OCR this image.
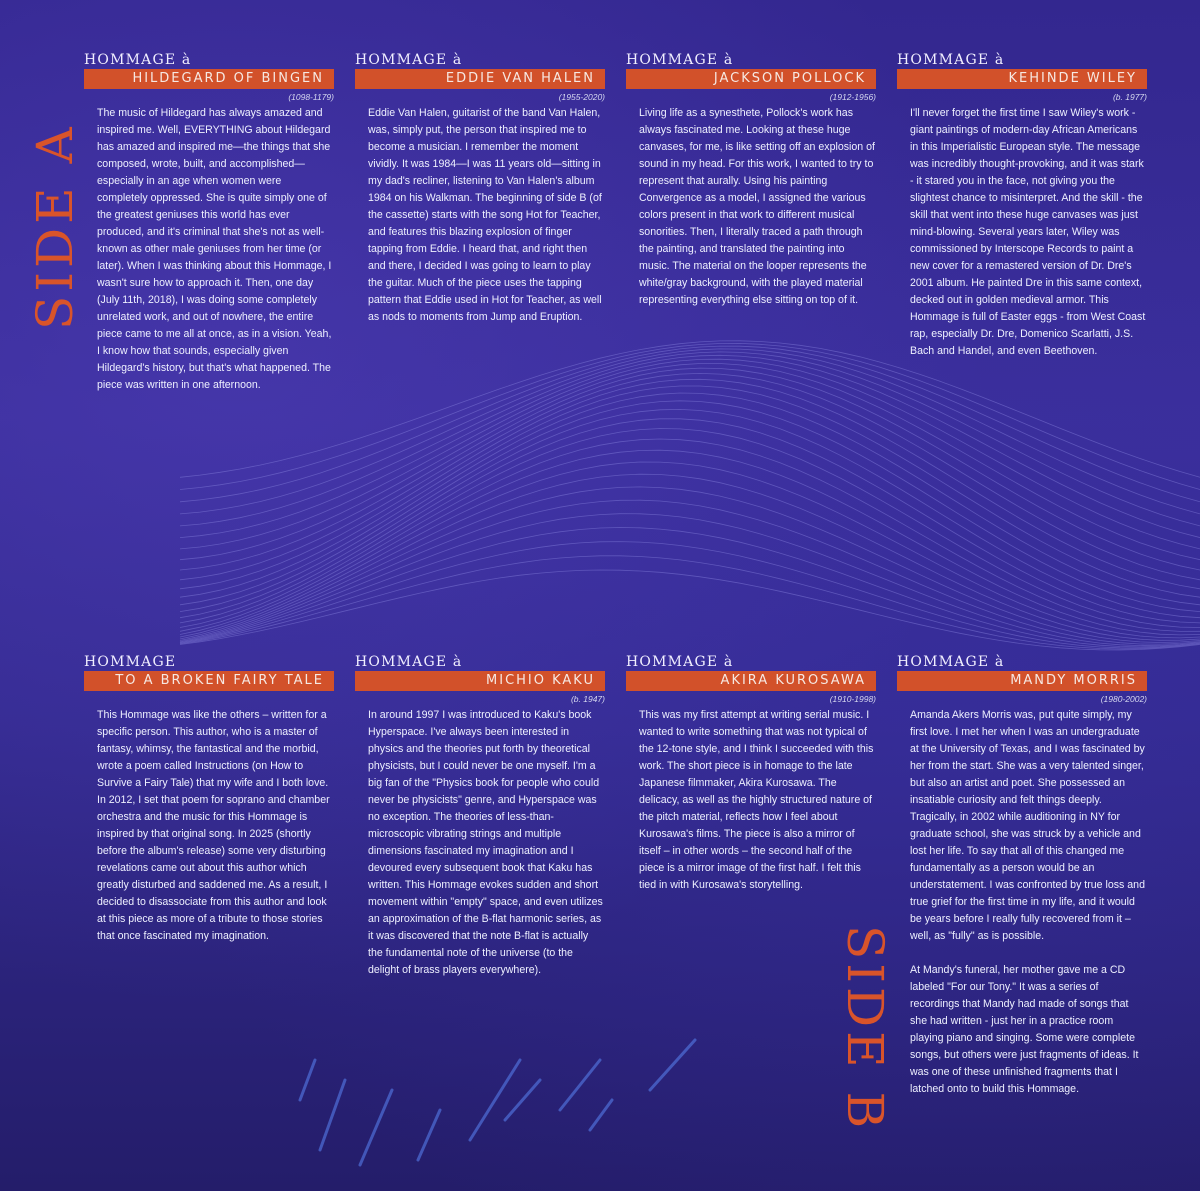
SIDE A
SIDE B
HOMMAGE à
HILDEGARD OF BINGEN
(1098-1179)

The music of Hildegard has always amazed and inspired me. Well, EVERYTHING about Hildegard has amazed and inspired me—the things that she composed, wrote, built, and accomplished—especially in an age when women were completely oppressed. She is quite simply one of the greatest geniuses this world has ever produced, and it's criminal that she's not as well-known as other male geniuses from her time (or later). When I was thinking about this Hommage, I wasn't sure how to approach it. Then, one day (July 11th, 2018), I was doing some completely unrelated work, and out of nowhere, the entire piece came to me all at once, as in a vision. Yeah, I know how that sounds, especially given Hildegard's history, but that's what happened. The piece was written in one afternoon.

HOMMAGE à
EDDIE VAN HALEN
(1955-2020)

Eddie Van Halen, guitarist of the band Van Halen, was, simply put, the person that inspired me to become a musician. I remember the moment vividly. It was 1984—I was 11 years old—sitting in my dad's recliner, listening to Van Halen's album 1984 on his Walkman. The beginning of side B (of the cassette) starts with the song Hot for Teacher, and features this blazing explosion of finger tapping from Eddie. I heard that, and right then and there, I decided I was going to learn to play the guitar. Much of the piece uses the tapping pattern that Eddie used in Hot for Teacher, as well as nods to moments from Jump and Eruption.

HOMMAGE à
JACKSON POLLOCK
(1912-1956)

Living life as a synesthete, Pollock's work has always fascinated me. Looking at these huge canvases, for me, is like setting off an explosion of sound in my head. For this work, I wanted to try to represent that aurally. Using his painting Convergence as a model, I assigned the various colors present in that work to different musical sonorities. Then, I literally traced a path through the painting, and translated the painting into music. The material on the looper represents the white/gray background, with the played material representing everything else sitting on top of it.

HOMMAGE à
KEHINDE WILEY
(b. 1977)

I'll never forget the first time I saw Wiley's work - giant paintings of modern-day African Americans in this Imperialistic European style. The message was incredibly thought-provoking, and it was stark - it stared you in the face, not giving you the slightest chance to misinterpret. And the skill - the skill that went into these huge canvases was just mind-blowing. Several years later, Wiley was commissioned by Interscope Records to paint a new cover for a remastered version of Dr. Dre's 2001 album. He painted Dre in this same context, decked out in golden medieval armor. This Hommage is full of Easter eggs - from West Coast rap, especially Dr. Dre, Domenico Scarlatti, J.S. Bach and Handel, and even Beethoven.

HOMMAGE
TO A BROKEN FAIRY TALE

This Hommage was like the others – written for a specific person. This author, who is a master of fantasy, whimsy, the fantastical and the morbid, wrote a poem called Instructions (on How to Survive a Fairy Tale) that my wife and I both love. In 2012, I set that poem for soprano and chamber orchestra and the music for this Hommage is inspired by that original song. In 2025 (shortly before the album's release) some very disturbing revelations came out about this author which greatly disturbed and saddened me. As a result, I decided to disassociate from this author and look at this piece as more of a tribute to those stories that once fascinated my imagination.

HOMMAGE à
MICHIO KAKU
(b. 1947)

In around 1997 I was introduced to Kaku's book Hyperspace. I've always been interested in physics and the theories put forth by theoretical physicists, but I could never be one myself. I'm a big fan of the "Physics book for people who could never be physicists" genre, and Hyperspace was no exception. The theories of less-than-microscopic vibrating strings and multiple dimensions fascinated my imagination and I devoured every subsequent book that Kaku has written. This Hommage evokes sudden and short movement within "empty" space, and even utilizes an approximation of the B-flat harmonic series, as it was discovered that the note B-flat is actually the fundamental note of the universe (to the delight of brass players everywhere).

HOMMAGE à
AKIRA KUROSAWA
(1910-1998)

This was my first attempt at writing serial music. I wanted to write something that was not typical of the 12-tone style, and I think I succeeded with this work. The short piece is in homage to the late Japanese filmmaker, Akira Kurosawa. The delicacy, as well as the highly structured nature of the pitch material, reflects how I feel about Kurosawa's films. The piece is also a mirror of itself – in other words – the second half of the piece is a mirror image of the first half. I felt this tied in with Kurosawa's storytelling.

HOMMAGE à
MANDY MORRIS
(1980-2002)

Amanda Akers Morris was, put quite simply, my first love. I met her when I was an undergraduate at the University of Texas, and I was fascinated by her from the start. She was a very talented singer, but also an artist and poet. She possessed an insatiable curiosity and felt things deeply. Tragically, in 2002 while auditioning in NY for graduate school, she was struck by a vehicle and lost her life. To say that all of this changed me fundamentally as a person would be an understatement. I was confronted by true loss and true grief for the first time in my life, and it would be years before I really fully recovered from it – well, as "fully" as is possible.

At Mandy's funeral, her mother gave me a CD labeled "For our Tony." It was a series of recordings that Mandy had made of songs that she had written - just her in a practice room playing piano and singing. Some were complete songs, but others were just fragments of ideas. It was one of these unfinished fragments that I latched onto to build this Hommage.
